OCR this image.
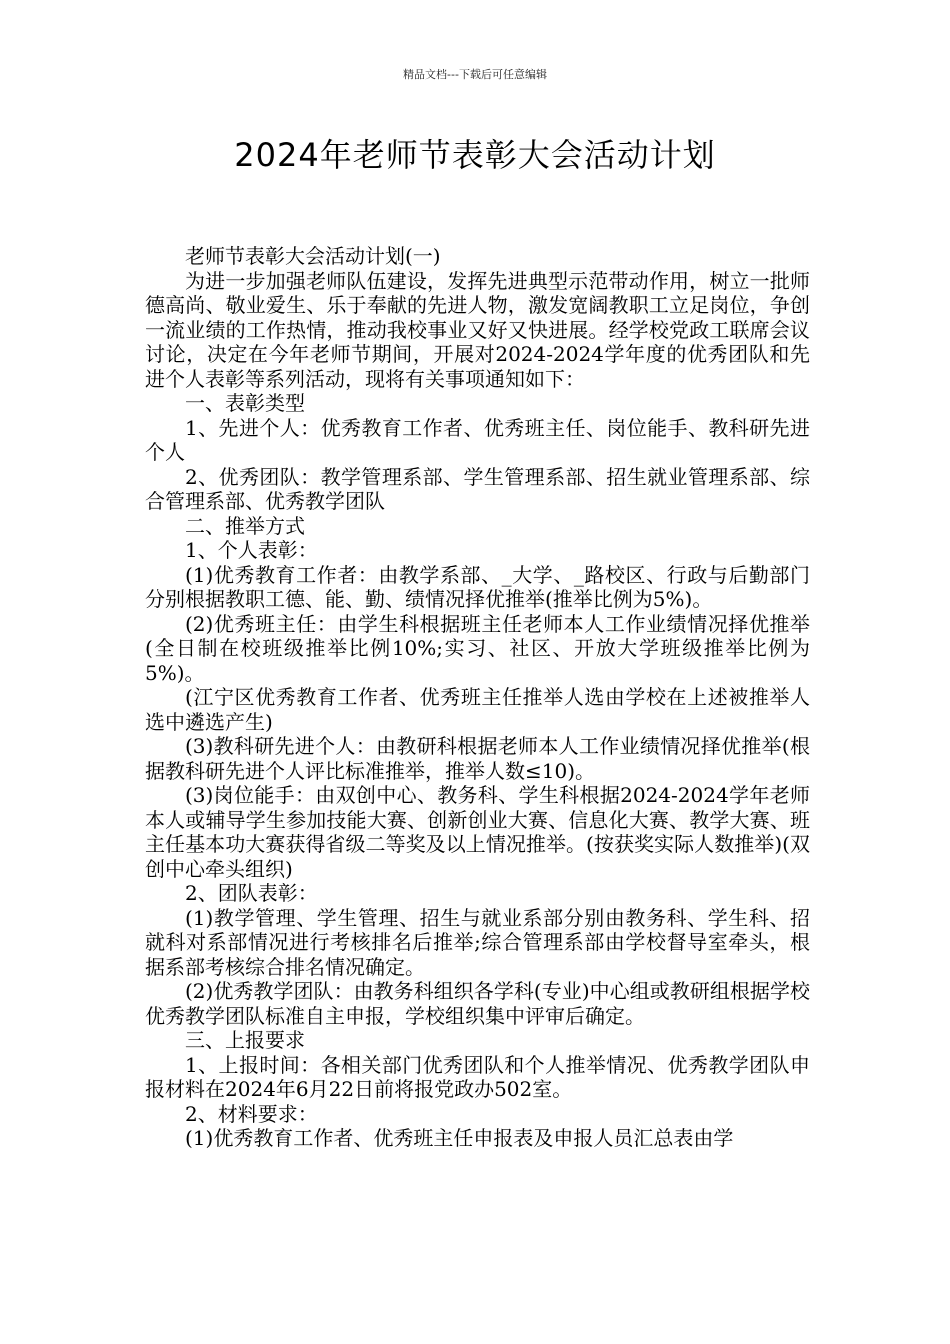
精品文档---下载后可任意编辑
2024年老师节表彰大会活动计划

老师节表彰大会活动计划(一)

为进一步加强老师队伍建设，发挥先进典型示范带动作用，树立一批师德高尚、敬业爱生、乐于奉献的先进人物，激发宽阔教职工立足岗位，争创一流业绩的工作热情，推动我校事业又好又快进展。经学校党政工联席会议讨论，决定在今年老师节期间，开展对2024-2024学年度的优秀团队和先进个人表彰等系列活动，现将有关事项通知如下：

一、表彰类型

1、先进个人：优秀教育工作者、优秀班主任、岗位能手、教科研先进个人

2、优秀团队：教学管理系部、学生管理系部、招生就业管理系部、综合管理系部、优秀教学团队

二、推举方式

1、个人表彰：

(1)优秀教育工作者：由教学系部、_大学、_路校区、行政与后勤部门分别根据教职工德、能、勤、绩情况择优推举(推举比例为5%)。

(2)优秀班主任：由学生科根据班主任老师本人工作业绩情况择优推举(全日制在校班级推举比例10%;实习、社区、开放大学班级推举比例为5%)。

(江宁区优秀教育工作者、优秀班主任推举人选由学校在上述被推举人选中遴选产生)

(3)教科研先进个人：由教研科根据老师本人工作业绩情况择优推举(根据教科研先进个人评比标准推举，推举人数≤10)。

(3)岗位能手：由双创中心、教务科、学生科根据2024-2024学年老师本人或辅导学生参加技能大赛、创新创业大赛、信息化大赛、教学大赛、班主任基本功大赛获得省级二等奖及以上情况推举。(按获奖实际人数推举)(双创中心牵头组织)

2、团队表彰：

(1)教学管理、学生管理、招生与就业系部分别由教务科、学生科、招就科对系部情况进行考核排名后推举;综合管理系部由学校督导室牵头，根据系部考核综合排名情况确定。

(2)优秀教学团队：由教务科组织各学科(专业)中心组或教研组根据学校优秀教学团队标准自主申报，学校组织集中评审后确定。

三、上报要求

1、上报时间：各相关部门优秀团队和个人推举情况、优秀教学团队申报材料在2024年6月22日前将报党政办502室。

2、材料要求：

(1)优秀教育工作者、优秀班主任申报表及申报人员汇总表由学
